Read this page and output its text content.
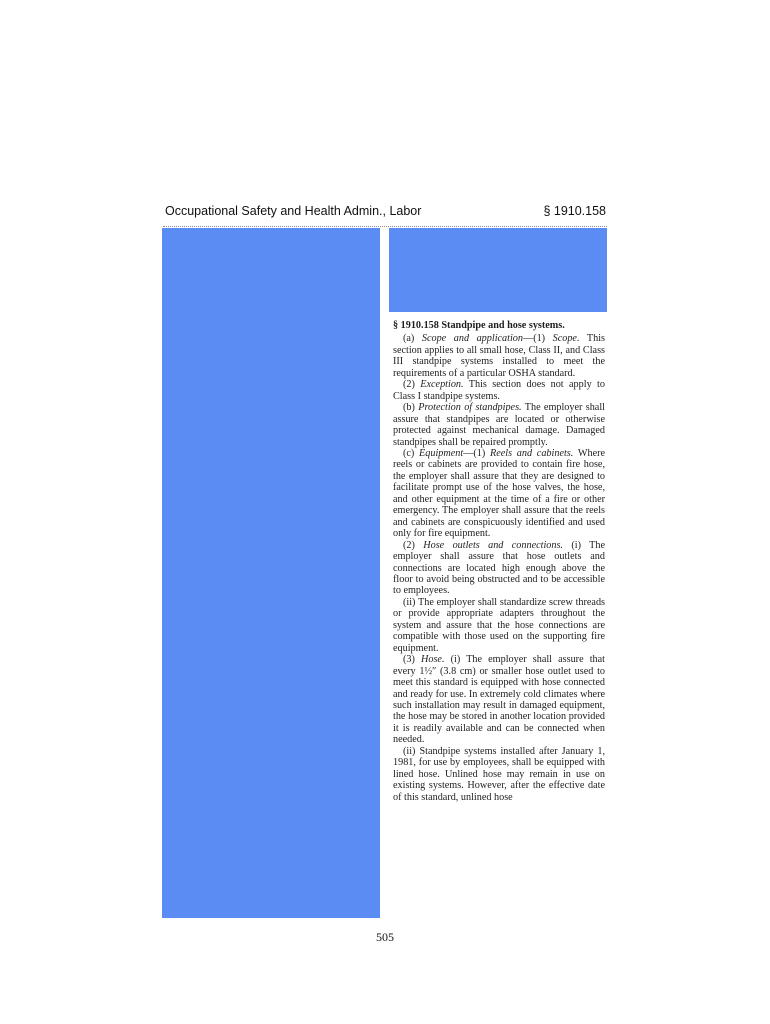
Occupational Safety and Health Admin., Labor	§ 1910.158

§ 1910.158 Standpipe and hose systems.

(a) Scope and application—(1) Scope. This section applies to all small hose, Class II, and Class III standpipe systems installed to meet the requirements of a particular OSHA standard.

(2) Exception. This section does not apply to Class I standpipe systems.

(b) Protection of standpipes. The employer shall assure that standpipes are located or otherwise protected against mechanical damage. Damaged standpipes shall be repaired promptly.

(c) Equipment—(1) Reels and cabinets. Where reels or cabinets are provided to contain fire hose, the employer shall assure that they are designed to facilitate prompt use of the hose valves, the hose, and other equipment at the time of a fire or other emergency. The employer shall assure that the reels and cabinets are conspicuously identified and used only for fire equipment.

(2) Hose outlets and connections. (i) The employer shall assure that hose outlets and connections are located high enough above the floor to avoid being obstructed and to be accessible to employees.

(ii) The employer shall standardize screw threads or provide appropriate adapters throughout the system and assure that the hose connections are compatible with those used on the supporting fire equipment.

(3) Hose. (i) The employer shall assure that every 1½″ (3.8 cm) or smaller hose outlet used to meet this standard is equipped with hose connected and ready for use. In extremely cold climates where such installation may result in damaged equipment, the hose may be stored in another location provided it is readily available and can be connected when needed.

(ii) Standpipe systems installed after January 1, 1981, for use by employees, shall be equipped with lined hose. Unlined hose may remain in use on existing systems. However, after the effective date of this standard, unlined hose

505
